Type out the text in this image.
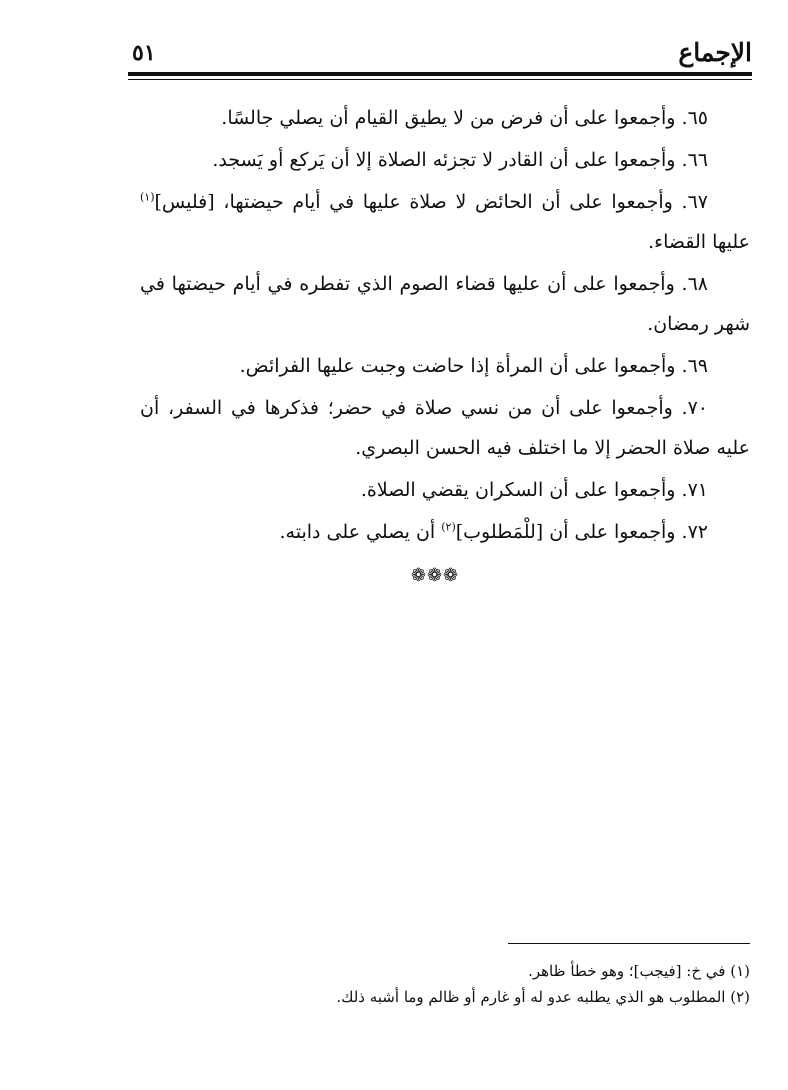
الإجماع
٥١

٦٥. وأجمعوا على أن فرض من لا يطيق القيام أن يصلي جالسًا.

٦٦. وأجمعوا على أن القادر لا تجزئه الصلاة إلا أن يَركع أو يَسجد.

٦٧. وأجمعوا على أن الحائض لا صلاة عليها في أيام حيضتها، [فليس]$^{(١)}$ عليها القضاء.

٦٨. وأجمعوا على أن عليها قضاء الصوم الذي تفطره في أيام حيضتها في شهر رمضان.

٦٩. وأجمعوا على أن المرأة إذا حاضت وجبت عليها الفرائض.

٧٠. وأجمعوا على أن من نسي صلاة في حضر؛ فذكرها في السفر، أن عليه صلاة الحضر إلا ما اختلف فيه الحسن البصري.

٧١. وأجمعوا على أن السكران يقضي الصلاة.

٧٢. وأجمعوا على أن [للْمَطلوب]$^{(٢)}$ أن يصلي على دابته.

❁❁❁

(١) في خ: [فيجب]؛ وهو خطأ ظاهر.

(٢) المطلوب هو الذي يطلبه عدو له أو غارم أو ظالم وما أشبه ذلك.
